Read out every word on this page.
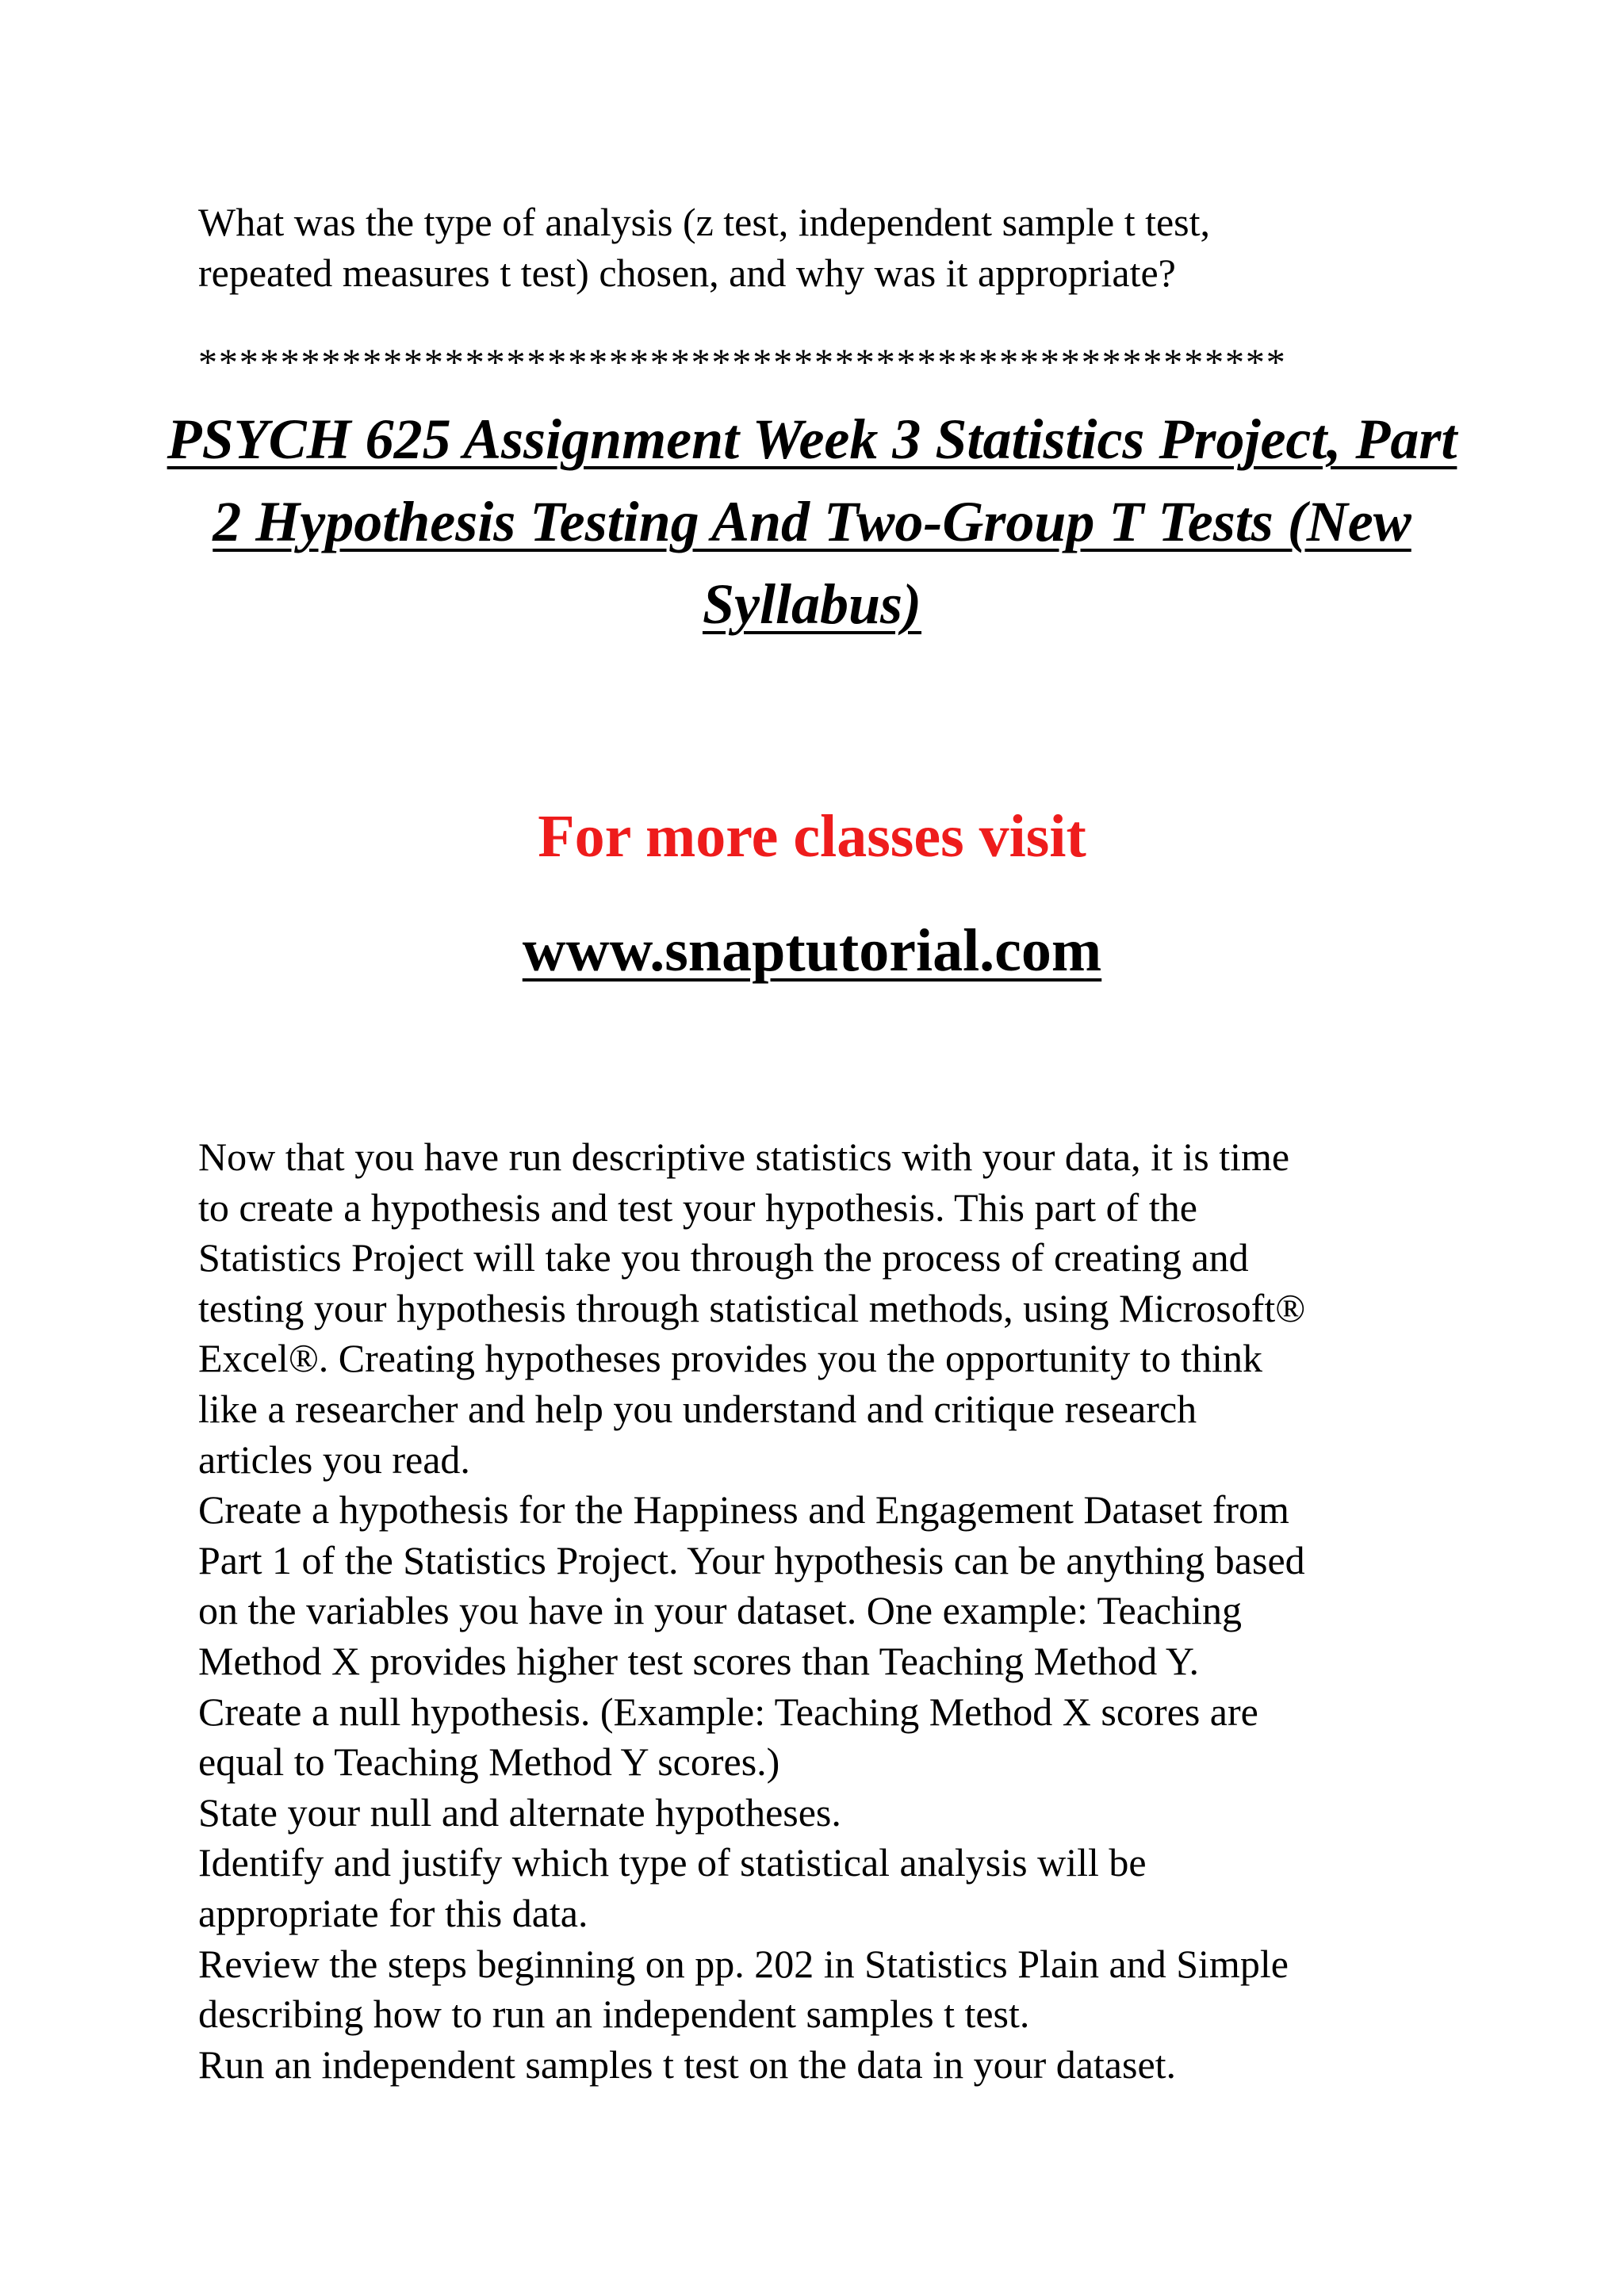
What was the type of analysis (z test, independent sample t test,
repeated measures t test) chosen, and why was it appropriate?

*****************************************************

PSYCH 625 Assignment Week 3 Statistics Project, Part 2 Hypothesis Testing And Two-Group T Tests (New Syllabus)

For more classes visit

www.snaptutorial.com

Now that you have run descriptive statistics with your data, it is time
to create a hypothesis and test your hypothesis. This part of the
Statistics Project will take you through the process of creating and
testing your hypothesis through statistical methods, using Microsoft®
Excel®. Creating hypotheses provides you the opportunity to think
like a researcher and help you understand and critique research
articles you read.
Create a hypothesis for the Happiness and Engagement Dataset from
Part 1 of the Statistics Project. Your hypothesis can be anything based
on the variables you have in your dataset. One example: Teaching
Method X provides higher test scores than Teaching Method Y.
Create a null hypothesis. (Example: Teaching Method X scores are
equal to Teaching Method Y scores.)
State your null and alternate hypotheses.
Identify and justify which type of statistical analysis will be
appropriate for this data.
Review the steps beginning on pp. 202 in Statistics Plain and Simple
describing how to run an independent samples t test.
Run an independent samples t test on the data in your dataset.
